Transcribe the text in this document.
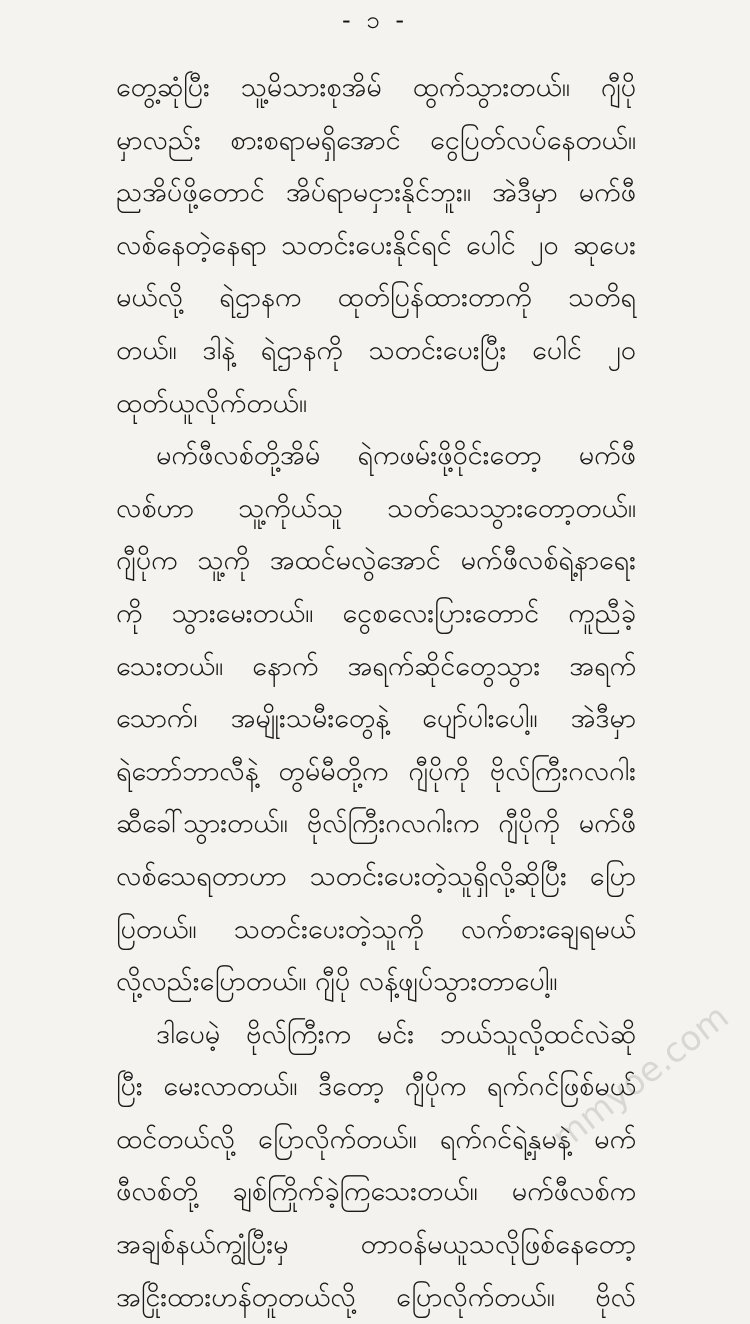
- ၁ -
တွေ့ဆုံပြီး သူ့မိသားစုအိမ် ထွက်သွားတယ်။ ဂျီပို
မှာလည်း စားစရာမရှိအောင် ငွေပြတ်လပ်နေတယ်။
ညအိပ်ဖို့တောင် အိပ်ရာမငှားနိုင်ဘူး။ အဲဒီမှာ မက်ဖီ
လစ်နေတဲ့နေရာ သတင်းပေးနိုင်ရင် ပေါင် ၂၀ ဆုပေး
မယ်လို့ ရဲဌာနက ထုတ်ပြန်ထားတာကို သတိရ
တယ်။ ဒါနဲ့ ရဲဌာနကို သတင်းပေးပြီး ပေါင် ၂၀
ထုတ်ယူလိုက်တယ်။
မက်ဖီလစ်တို့အိမ် ရဲကဖမ်းဖို့ဝိုင်းတော့ မက်ဖီ
လစ်ဟာ သူ့ကိုယ်သူ သတ်သေသွားတော့တယ်။
ဂျီပိုက သူ့ကို အထင်မလွဲအောင် မက်ဖီလစ်ရဲ့နာရေး
ကို သွားမေးတယ်။ ငွေစလေးပြားတောင် ကူညီခဲ့
သေးတယ်။ နောက် အရက်ဆိုင်တွေသွား အရက်
သောက်၊ အမျိုးသမီးတွေနဲ့ ပျော်ပါးပေါ့။ အဲဒီမှာ
ရဲဘော်ဘာလီနဲ့ တွမ်မီတို့က ဂျီပိုကို ဗိုလ်ကြီးဂလဂါး
ဆီခေါ်သွားတယ်။ ဗိုလ်ကြီးဂလဂါးက ဂျီပိုကို မက်ဖီ
လစ်သေရတာဟာ သတင်းပေးတဲ့သူရှိလို့ဆိုပြီး ပြော
ပြတယ်။ သတင်းပေးတဲ့သူကို လက်စားချေရမယ်
လို့လည်းပြောတယ်။ ဂျီပို လန့်ဖျပ်သွားတာပေါ့။
ဒါပေမဲ့ ဗိုလ်ကြီးက မင်း ဘယ်သူလို့ထင်လဲဆို
ပြီး မေးလာတယ်။ ဒီတော့ ဂျီပိုက ရက်ဂင်ဖြစ်မယ်
ထင်တယ်လို့ ပြောလိုက်တယ်။ ရက်ဂင်ရဲ့နှမနဲ့ မက်
ဖီလစ်တို့ ချစ်ကြိုက်ခဲ့ကြသေးတယ်။ မက်ဖီလစ်က
အချစ်နယ်ကျွံပြီးမှ တာဝန်မယူသလိုဖြစ်နေတော့
အငြိုးထားဟန်တူတယ်လို့ ပြောလိုက်တယ်။ ဗိုလ်
mmyoe.com
